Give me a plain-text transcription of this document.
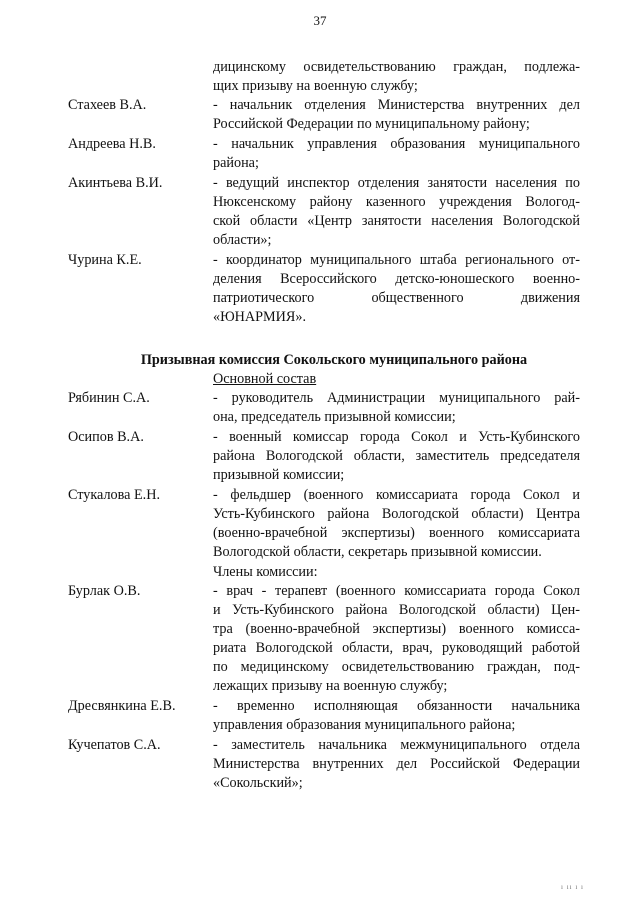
37
дицинскому освидетельствованию граждан, подлежа-
щих призыву на военную службу;
Стахеев В.А.	- начальник отделения Министерства внутренних дел
Российской Федерации по муниципальному району;
Андреева Н.В.	- начальник управления образования муниципального
района;
Акинтьева В.И.	- ведущий инспектор отделения занятости населения по
Нюксенскому району казенного учреждения Вологод-
ской области «Центр занятости населения Вологодской
области»;
Чурина К.Е.	- координатор муниципального штаба регионального от-
деления Всероссийского детско-юношеского военно-
патриотического общественного движения
«ЮНАРМИЯ».
Призывная комиссия Сокольского муниципального района
Основной состав
Рябинин С.А.	- руководитель Администрации муниципального рай-
она, председатель призывной комиссии;
Осипов В.А.	- военный комиссар города Сокол и Усть-Кубинского
района Вологодской области, заместитель председателя
призывной комиссии;
Стукалова Е.Н.	- фельдшер (военного комиссариата города Сокол и
Усть-Кубинского района Вологодской области) Центра
(военно-врачебной экспертизы) военного комиссариата
Вологодской области, секретарь призывной комиссии.
Члены комиссии:
Бурлак О.В.	- врач - терапевт (военного комиссариата города Сокол
и Усть-Кубинского района Вологодской области) Цен-
тра (военно-врачебной экспертизы) военного комисса-
риата Вологодской области, врач, руководящий работой
по медицинскому освидетельствованию граждан, под-
лежащих призыву на военную службу;
Дресвянкина Е.В.	- временно исполняющая обязанности начальника
управления образования муниципального района;
Кучепатов С.А.	- заместитель начальника межмуниципального отдела
Министерства внутренних дел Российской Федерации
«Сокольский»;
ı ıı ı ı
